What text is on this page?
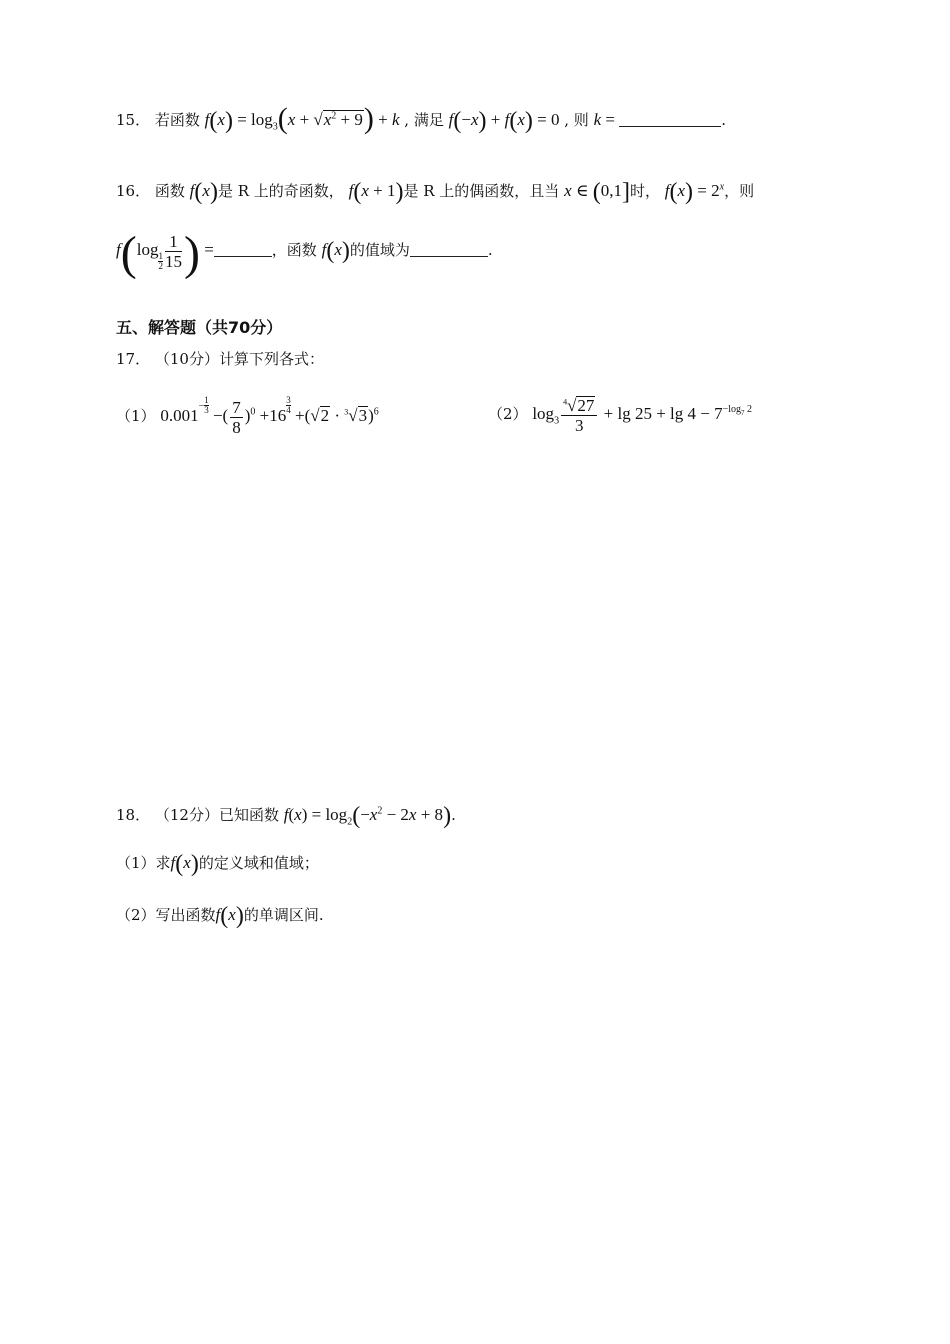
15． 若函数 $f(x) = \log_3(x + √x^2 + 9) + k$ , 满足 f(−x) + f(x) = 0 , 则 k =	.
16． 函数 f(x)是 R 上的奇函数， f(x + 1)是 R 上的偶函数，且当 x ∈ (0,1]时， $f(x) = 2^x$，则
f(log
$_{\frac{1}{2}} \frac{1}{15}$ ) =	，函数 f(x)的值域为	.
五、解答题（共70分）
17． （10分）计算下列各式：
（1） $0.001^{- \frac{1}{3}}$
−( $\frac{7}{8} )^0 +16$
$^{\frac{3}{4}}$
$+(√2 \cdot ^3√3)^6$	（2） $\log_3 \frac{^4√27}{3} + \lg 25 + \lg 4 - 7^{-log_7 2}$
18． （12分）已知函数 $f(x) = \log_2(-x^2 - 2x + 8)$.
（1）求f(x)的定义域和值域；
（2）写出函数f(x)的单调区间.
